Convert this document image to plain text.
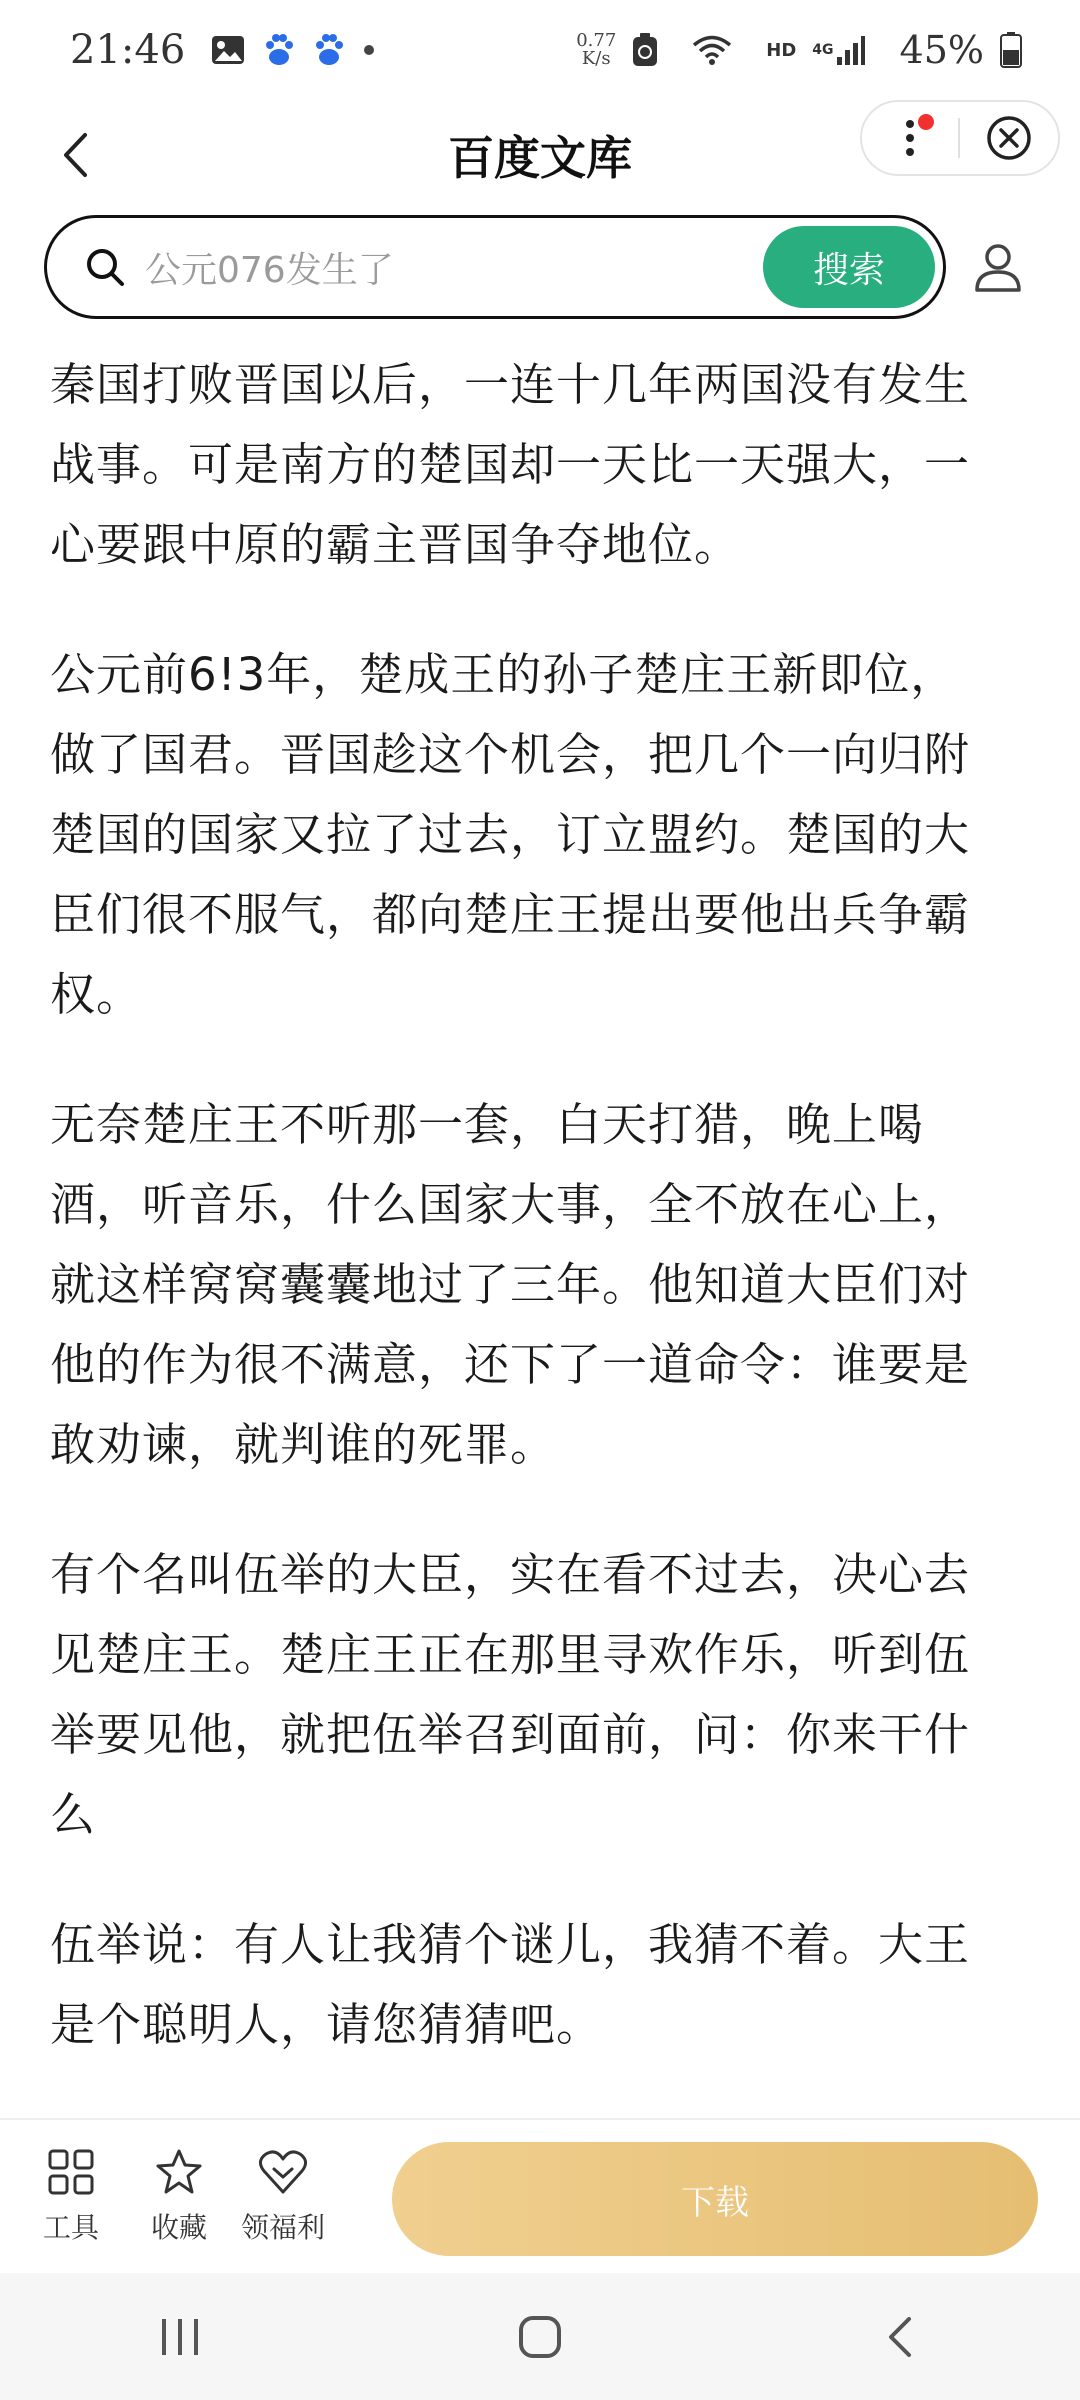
21:46	0.77
K/s	HD 4G 45%
百度文库
公元076发生了	搜索

秦国打败晋国以后，一连十几年两国没有发生战事。可是南方的楚国却一天比一天强大，一心要跟中原的霸主晋国争夺地位。

公元前6!3年，楚成王的孙子楚庄王新即位，做了国君。晋国趁这个机会，把几个一向归附楚国的国家又拉了过去，订立盟约。楚国的大臣们很不服气，都向楚庄王提出要他出兵争霸权。

无奈楚庄王不听那一套，白天打猎，晚上喝酒，听音乐，什么国家大事，全不放在心上，就这样窝窝囊囊地过了三年。他知道大臣们对他的作为很不满意，还下了一道命令：谁要是敢劝谏，就判谁的死罪。

有个名叫伍举的大臣，实在看不过去，决心去见楚庄王。楚庄王正在那里寻欢作乐，听到伍举要见他，就把伍举召到面前，问：你来干什么

伍举说：有人让我猜个谜儿，我猜不着。大王是个聪明人，请您猜猜吧。

工具 收藏 领福利
下载
